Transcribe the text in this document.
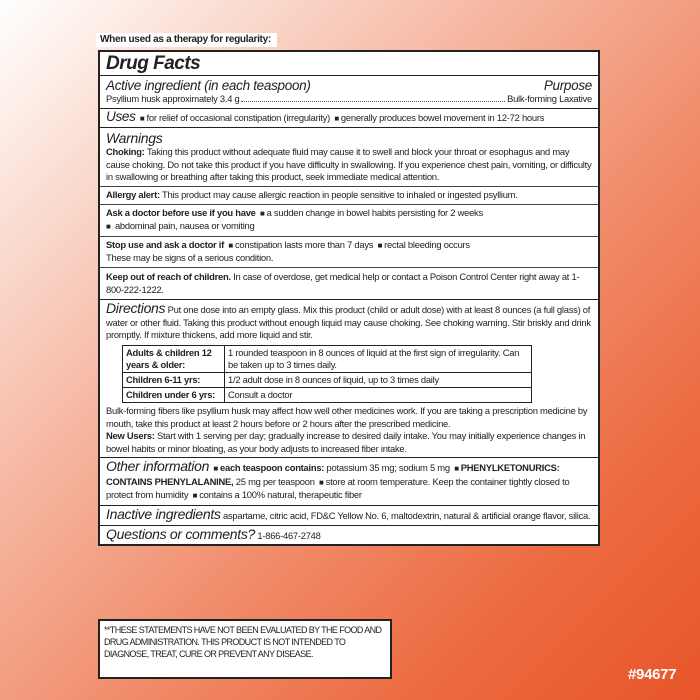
When used as a therapy for regularity:
Drug Facts
Active ingredient (in each teaspoon)	Purpose
Psyllium husk approximately 3.4 g	Bulk-forming Laxative
Uses ■ for relief of occasional constipation (irregularity) ■ generally produces bowel movement in 12-72 hours
Warnings
Choking: Taking this product without adequate fluid may cause it to swell and block your throat or esophagus and may cause choking. Do not take this product if you have difficulty in swallowing. If you experience chest pain, vomiting, or difficulty in swallowing or breathing after taking this product, seek immediate medical attention.
Allergy alert: This product may cause allergic reaction in people sensitive to inhaled or ingested psyllium.
Ask a doctor before use if you have ■ a sudden change in bowel habits persisting for 2 weeks
■ abdominal pain, nausea or vomiting
Stop use and ask a doctor if ■ constipation lasts more than 7 days ■ rectal bleeding occurs
These may be signs of a serious condition.
Keep out of reach of children. In case of overdose, get medical help or contact a Poison Control Center right away at 1-800-222-1222.
Directions Put one dose into an empty glass. Mix this product (child or adult dose) with at least 8 ounces (a full glass) of water or other fluid. Taking this product without enough liquid may cause choking. See choking warning. Stir briskly and drink promptly. If mixture thickens, add more liquid and stir.
Adults & children 12 years & older:	1 rounded teaspoon in 8 ounces of liquid at the first sign of irregularity. Can be taken up to 3 times daily.
Children 6-11 yrs:	1/2 adult dose in 8 ounces of liquid, up to 3 times daily
Children under 6 yrs:	Consult a doctor
Bulk-forming fibers like psyllium husk may affect how well other medicines work. If you are taking a prescription medicine by mouth, take this product at least 2 hours before or 2 hours after the prescribed medicine.
New Users: Start with 1 serving per day; gradually increase to desired daily intake. You may initially experience changes in bowel habits or minor bloating, as your body adjusts to increased fiber intake.
Other information ■ each teaspoon contains: potassium 35 mg; sodium 5 mg ■ PHENYLKETONURICS: CONTAINS PHENYLALANINE, 25 mg per teaspoon ■ store at room temperature. Keep the container tightly closed to protect from humidity ■ contains a 100% natural, therapeutic fiber
Inactive ingredients aspartame, citric acid, FD&C Yellow No. 6, maltodextrin, natural & artificial orange flavor, silica.
Questions or comments? 1-866-467-2748
**THESE STATEMENTS HAVE NOT BEEN EVALUATED BY THE FOOD AND DRUG ADMINISTRATION. THIS PRODUCT IS NOT INTENDED TO DIAGNOSE, TREAT, CURE OR PREVENT ANY DISEASE.
#94677
